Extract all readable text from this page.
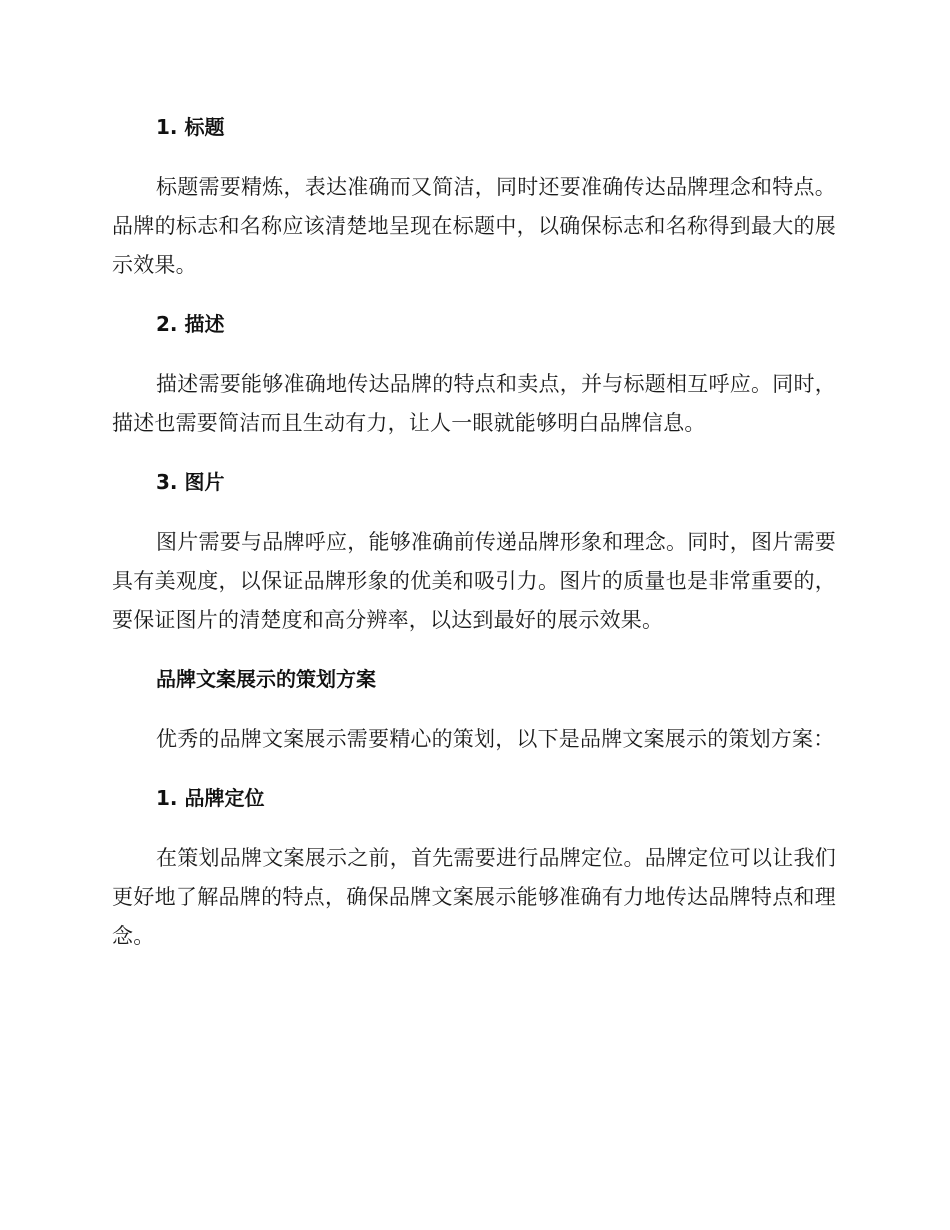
1. 标题

标题需要精炼，表达准确而又简洁，同时还要准确传达品牌理念和特点。品牌的标志和名称应该清楚地呈现在标题中，以确保标志和名称得到最大的展示效果。

2. 描述

描述需要能够准确地传达品牌的特点和卖点，并与标题相互呼应。同时，描述也需要简洁而且生动有力，让人一眼就能够明白品牌信息。

3. 图片

图片需要与品牌呼应，能够准确前传递品牌形象和理念。同时，图片需要具有美观度，以保证品牌形象的优美和吸引力。图片的质量也是非常重要的，要保证图片的清楚度和高分辨率，以达到最好的展示效果。

品牌文案展示的策划方案

优秀的品牌文案展示需要精心的策划，以下是品牌文案展示的策划方案：

1. 品牌定位

在策划品牌文案展示之前，首先需要进行品牌定位。品牌定位可以让我们更好地了解品牌的特点，确保品牌文案展示能够准确有力地传达品牌特点和理念。
